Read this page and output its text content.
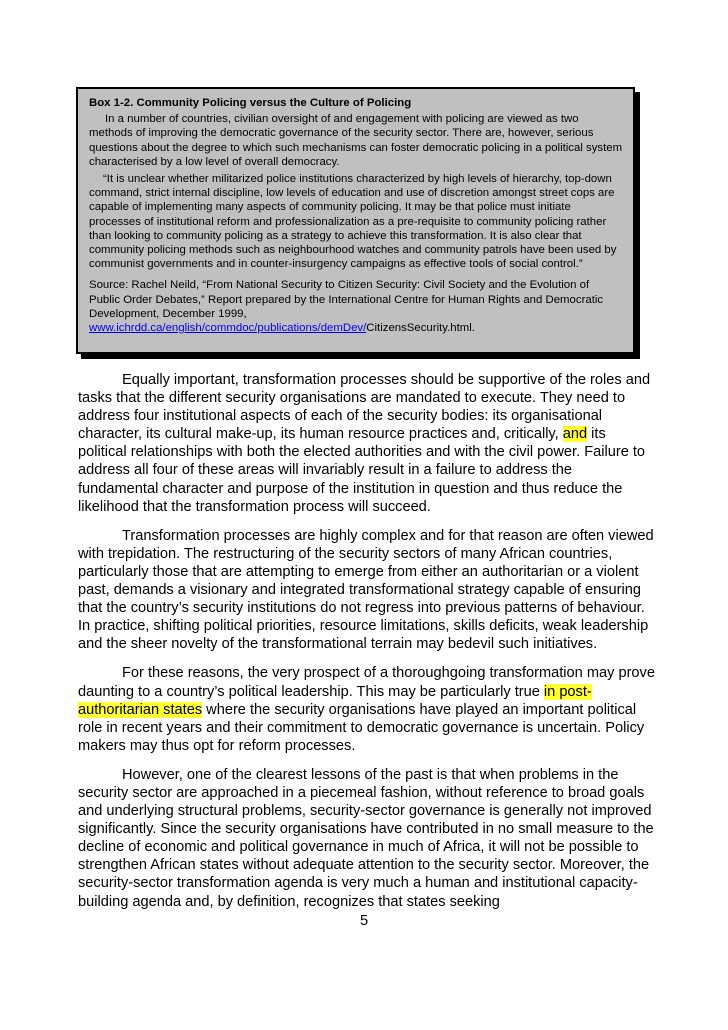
Box 1-2. Community Policing versus the Culture of Policing

In a number of countries, civilian oversight of and engagement with policing are viewed as two methods of improving the democratic governance of the security sector. There are, however, serious questions about the degree to which such mechanisms can foster democratic policing in a political system characterised by a low level of overall democracy.

“It is unclear whether militarized police institutions characterized by high levels of hierarchy, top-down command, strict internal discipline, low levels of education and use of discretion amongst street cops are capable of implementing many aspects of community policing. It may be that police must initiate processes of institutional reform and professionalization as a pre-requisite to community policing rather than looking to community policing as a strategy to achieve this transformation. It is also clear that community policing methods such as neighbourhood watches and community patrols have been used by communist governments and in counter-insurgency campaigns as effective tools of social control.”

Source: Rachel Neild, “From National Security to Citizen Security: Civil Society and the Evolution of Public Order Debates,” Report prepared by the International Centre for Human Rights and Democratic Development, December 1999, www.ichrdd.ca/english/commdoc/publications/demDev/CitizensSecurity.html.

Equally important, transformation processes should be supportive of the roles and tasks that the different security organisations are mandated to execute. They need to address four institutional aspects of each of the security bodies: its organisational character, its cultural make-up, its human resource practices and, critically, and its political relationships with both the elected authorities and with the civil power. Failure to address all four of these areas will invariably result in a failure to address the fundamental character and purpose of the institution in question and thus reduce the likelihood that the transformation process will succeed.

Transformation processes are highly complex and for that reason are often viewed with trepidation. The restructuring of the security sectors of many African countries, particularly those that are attempting to emerge from either an authoritarian or a violent past, demands a visionary and integrated transformational strategy capable of ensuring that the country’s security institutions do not regress into previous patterns of behaviour. In practice, shifting political priorities, resource limitations, skills deficits, weak leadership and the sheer novelty of the transformational terrain may bedevil such initiatives.

For these reasons, the very prospect of a thoroughgoing transformation may prove daunting to a country’s political leadership. This may be particularly true in post-authoritarian states where the security organisations have played an important political role in recent years and their commitment to democratic governance is uncertain. Policy makers may thus opt for reform processes.

However, one of the clearest lessons of the past is that when problems in the security sector are approached in a piecemeal fashion, without reference to broad goals and underlying structural problems, security-sector governance is generally not improved significantly. Since the security organisations have contributed in no small measure to the decline of economic and political governance in much of Africa, it will not be possible to strengthen African states without adequate attention to the security sector. Moreover, the security-sector transformation agenda is very much a human and institutional capacity-building agenda and, by definition, recognizes that states seeking

5
